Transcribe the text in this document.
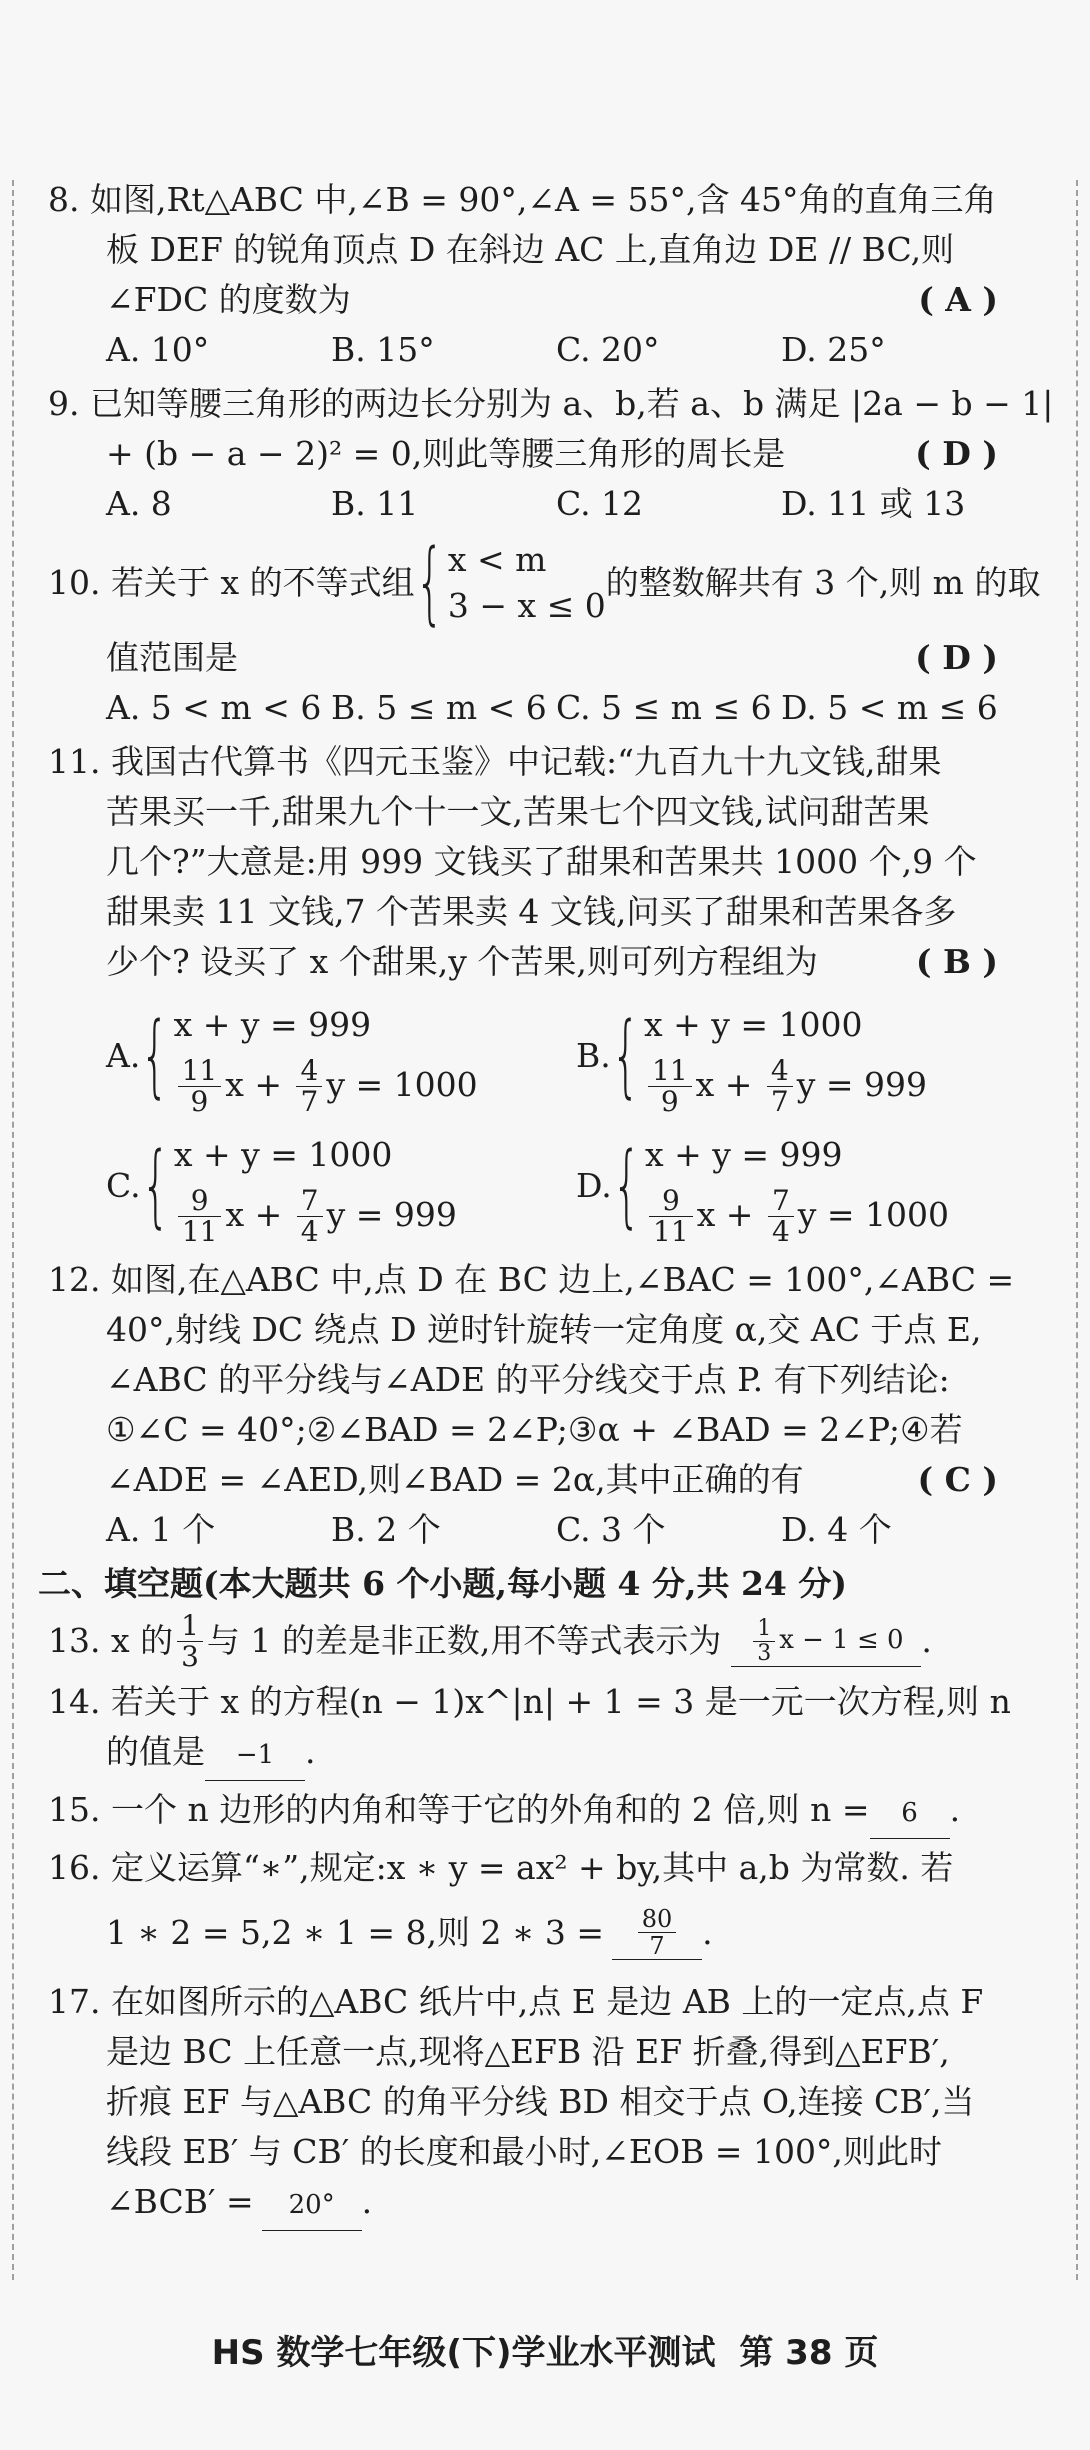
8. 如图,Rt△ABC 中,∠B = 90°,∠A = 55°,含 45°角的直角三角
板 DEF 的锐角顶点 D 在斜边 AC 上,直角边 DE // BC,则
∠FDC 的度数为	( A )
A. 10°	B. 15°	C. 20°	D. 25°
9. 已知等腰三角形的两边长分别为 a、b,若 a、b 满足 |2a − b − 1|
+ (b − a − 2)² = 0,则此等腰三角形的周长是	( D )
A. 8	B. 11	C. 12	D. 11 或 13
10.
若关于 x 的不等式组 { x < m
3 − x ≤ 0
的整数解共有 3 个,则 m 的取
值范围是	( D )
A. 5 < m < 6 B. 5 ≤ m < 6 C. 5 ≤ m ≤ 6 D. 5 < m ≤ 6
11. 我国古代算书《四元玉鉴》中记载:“九百九十九文钱,甜果
苦果买一千,甜果九个十一文,苦果七个四文钱,试问甜苦果
几个?”大意是:用 999 文钱买了甜果和苦果共 1000 个,9 个
甜果卖 11 文钱,7 个苦果卖 4 文钱,问买了甜果和苦果各多
少个? 设买了 x 个甜果,y 个苦果,则可列方程组为	( B )
A. { x + y = 999
$\frac{11}{9}$ $x + \frac{4}{7}$ y = 1000
B. { x + y = 1000
$\frac{11}{9}$ $x + \frac{4}{7}$ y = 999
C. { x + y = 1000
$\frac{9}{11}$ $x + \frac{7}{4}$ y = 999
D. { x + y = 999
$\frac{9}{11}$ $x + \frac{7}{4}$ y = 1000
12. 如图,在△ABC 中,点 D 在 BC 边上,∠BAC = 100°,∠ABC =
40°,射线 DC 绕点 D 逆时针旋转一定角度 α,交 AC 于点 E,
∠ABC 的平分线与∠ADE 的平分线交于点 P. 有下列结论:
①∠C = 40°;②∠BAD = 2∠P;③α + ∠BAD = 2∠P;④若
∠ADE = ∠AED,则∠BAD = 2α,其中正确的有	( C )
A. 1 个	B. 2 个	C. 3 个	D. 4 个
二、填空题(本大题共 6 个小题,每小题 4 分,共 24 分)
13.
x 的 $\frac{1}{3}$ 与 1 的差是非正数,用不等式表示为 $\frac{1}{3}$ x − 1 ≤ 0 .
14. 若关于 x 的方程(n − 1)x^|n| + 1 = 3 是一元一次方程,则 n
的值是 −1 .
15. 一个 n 边形的内角和等于它的外角和的 2 倍,则 n = 6 .
16. 定义运算“∗”,规定:x ∗ y = ax² + by,其中 a,b 为常数. 若
1 ∗ 2 = 5,2 ∗ 1 = 8,则 2 ∗ $3 = \frac{80}{7}$ .
17. 在如图所示的△ABC 纸片中,点 E 是边 AB 上的一定点,点 F
是边 BC 上任意一点,现将△EFB 沿 EF 折叠,得到△EFB′,
折痕 EF 与△ABC 的角平分线 BD 相交于点 O,连接 CB′,当
线段 EB′ 与 CB′ 的长度和最小时,∠EOB = 100°,则此时
∠BCB′ = 20° .
HS 数学七年级(下)学业水平测试 第 38 页
